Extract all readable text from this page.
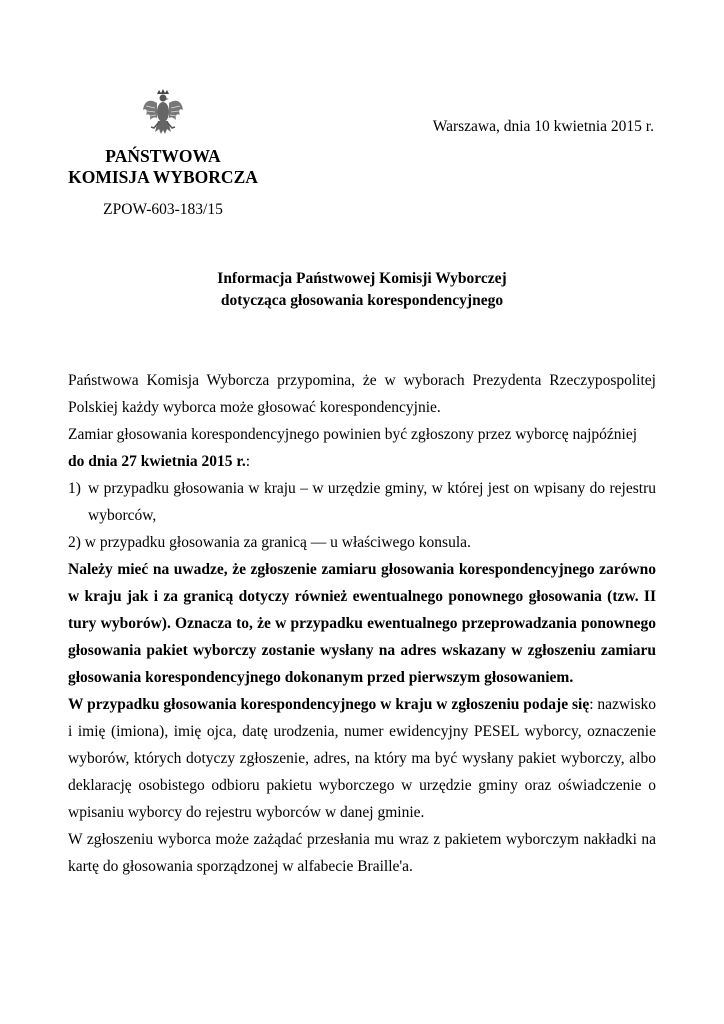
PAŃSTWOWA
KOMISJA WYBORCZA
ZPOW-603-183/15
Warszawa, dnia 10 kwietnia 2015 r.
Informacja Państwowej Komisji Wyborczej
dotycząca głosowania korespondencyjnego

Państwowa Komisja Wyborcza przypomina, że w wyborach Prezydenta Rzeczypospolitej Polskiej każdy wyborca może głosować korespondencyjnie.

Zamiar głosowania korespondencyjnego powinien być zgłoszony przez wyborcę najpóźniej
do dnia 27 kwietnia 2015 r.:

1) w przypadku głosowania w kraju – w urzędzie gminy, w której jest on wpisany do rejestru wyborców,

2) w przypadku głosowania za granicą — u właściwego konsula.

Należy mieć na uwadze, że zgłoszenie zamiaru głosowania korespondencyjnego zarówno w kraju jak i za granicą dotyczy również ewentualnego ponownego głosowania (tzw. II tury wyborów). Oznacza to, że w przypadku ewentualnego przeprowadzania ponownego głosowania pakiet wyborczy zostanie wysłany na adres wskazany w zgłoszeniu zamiaru głosowania korespondencyjnego dokonanym przed pierwszym głosowaniem.

W przypadku głosowania korespondencyjnego w kraju w zgłoszeniu podaje się: nazwisko i imię (imiona), imię ojca, datę urodzenia, numer ewidencyjny PESEL wyborcy, oznaczenie wyborów, których dotyczy zgłoszenie, adres, na który ma być wysłany pakiet wyborczy, albo deklarację osobistego odbioru pakietu wyborczego w urzędzie gminy oraz oświadczenie o wpisaniu wyborcy do rejestru wyborców w danej gminie.

W zgłoszeniu wyborca może zażądać przesłania mu wraz z pakietem wyborczym nakładki na kartę do głosowania sporządzonej w alfabecie Braille'a.
